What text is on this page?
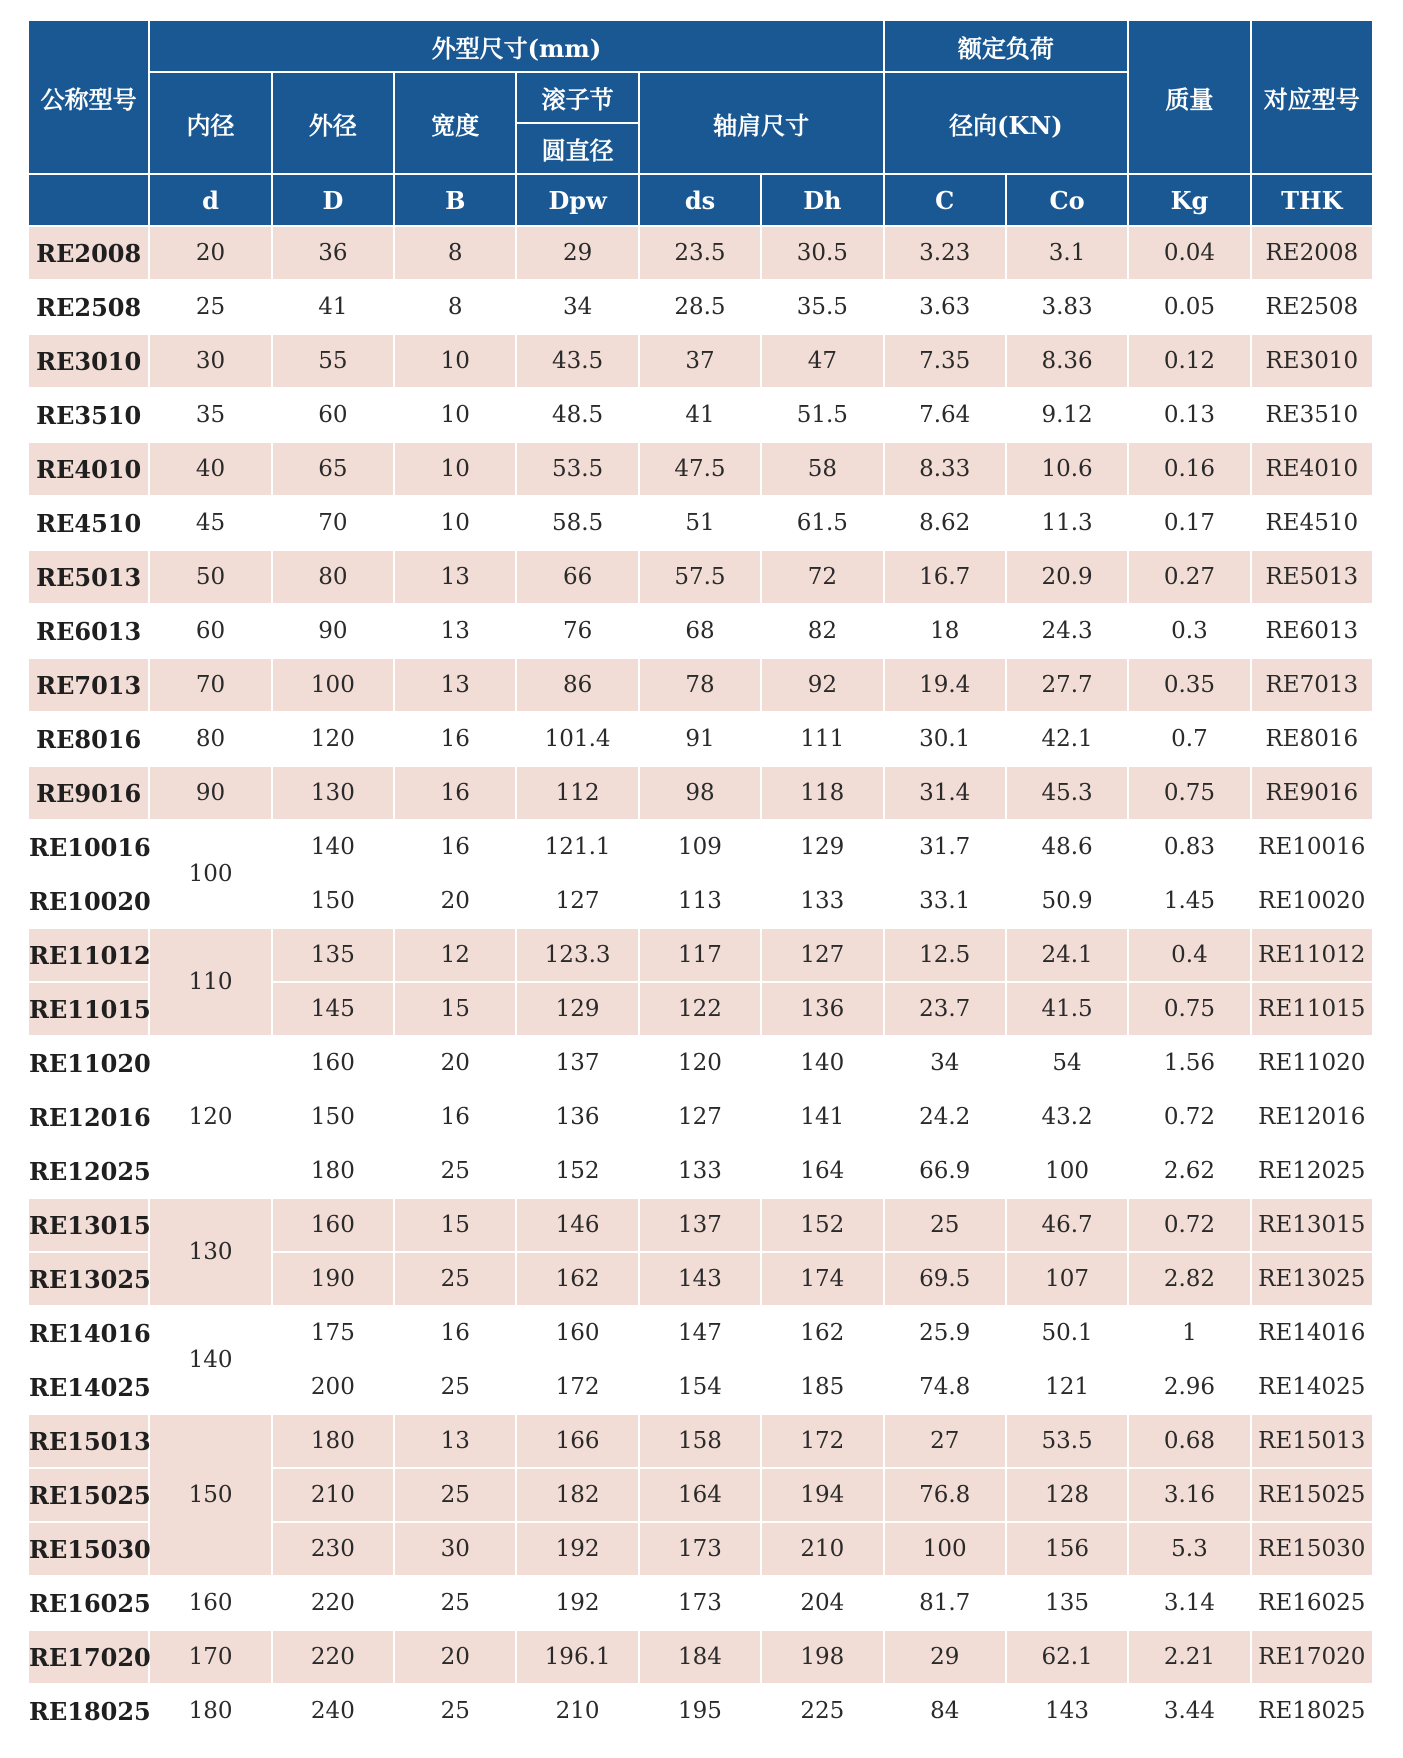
公称型号	外型尺寸(mm)						额定负荷		质量	对应型号
	内径	外径	宽度	滚子节	轴肩尺寸		径向(KN)			
				圆直径						
	d	D	B	Dpw	ds	Dh	C	Co	Kg	THK
RE2008	20	36	8	29	23.5	30.5	3.23	3.1	0.04	RE2008
RE2508	25	41	8	34	28.5	35.5	3.63	3.83	0.05	RE2508
RE3010	30	55	10	43.5	37	47	7.35	8.36	0.12	RE3010
RE3510	35	60	10	48.5	41	51.5	7.64	9.12	0.13	RE3510
RE4010	40	65	10	53.5	47.5	58	8.33	10.6	0.16	RE4010
RE4510	45	70	10	58.5	51	61.5	8.62	11.3	0.17	RE4510
RE5013	50	80	13	66	57.5	72	16.7	20.9	0.27	RE5013
RE6013	60	90	13	76	68	82	18	24.3	0.3	RE6013
RE7013	70	100	13	86	78	92	19.4	27.7	0.35	RE7013
RE8016	80	120	16	101.4	91	111	30.1	42.1	0.7	RE8016
RE9016	90	130	16	112	98	118	31.4	45.3	0.75	RE9016
RE10016	100	140	16	121.1	109	129	31.7	48.6	0.83	RE10016
RE10020		150	20	127	113	133	33.1	50.9	1.45	RE10020
RE11012	110	135	12	123.3	117	127	12.5	24.1	0.4	RE11012
RE11015		145	15	129	122	136	23.7	41.5	0.75	RE11015
RE11020	120	160	20	137	120	140	34	54	1.56	RE11020
RE12016		150	16	136	127	141	24.2	43.2	0.72	RE12016
RE12025		180	25	152	133	164	66.9	100	2.62	RE12025
RE13015	130	160	15	146	137	152	25	46.7	0.72	RE13015
RE13025		190	25	162	143	174	69.5	107	2.82	RE13025
RE14016	140	175	16	160	147	162	25.9	50.1	1	RE14016
RE14025		200	25	172	154	185	74.8	121	2.96	RE14025
RE15013	150	180	13	166	158	172	27	53.5	0.68	RE15013
RE15025		210	25	182	164	194	76.8	128	3.16	RE15025
RE15030		230	30	192	173	210	100	156	5.3	RE15030
RE16025	160	220	25	192	173	204	81.7	135	3.14	RE16025
RE17020	170	220	20	196.1	184	198	29	62.1	2.21	RE17020
RE18025	180	240	25	210	195	225	84	143	3.44	RE18025
